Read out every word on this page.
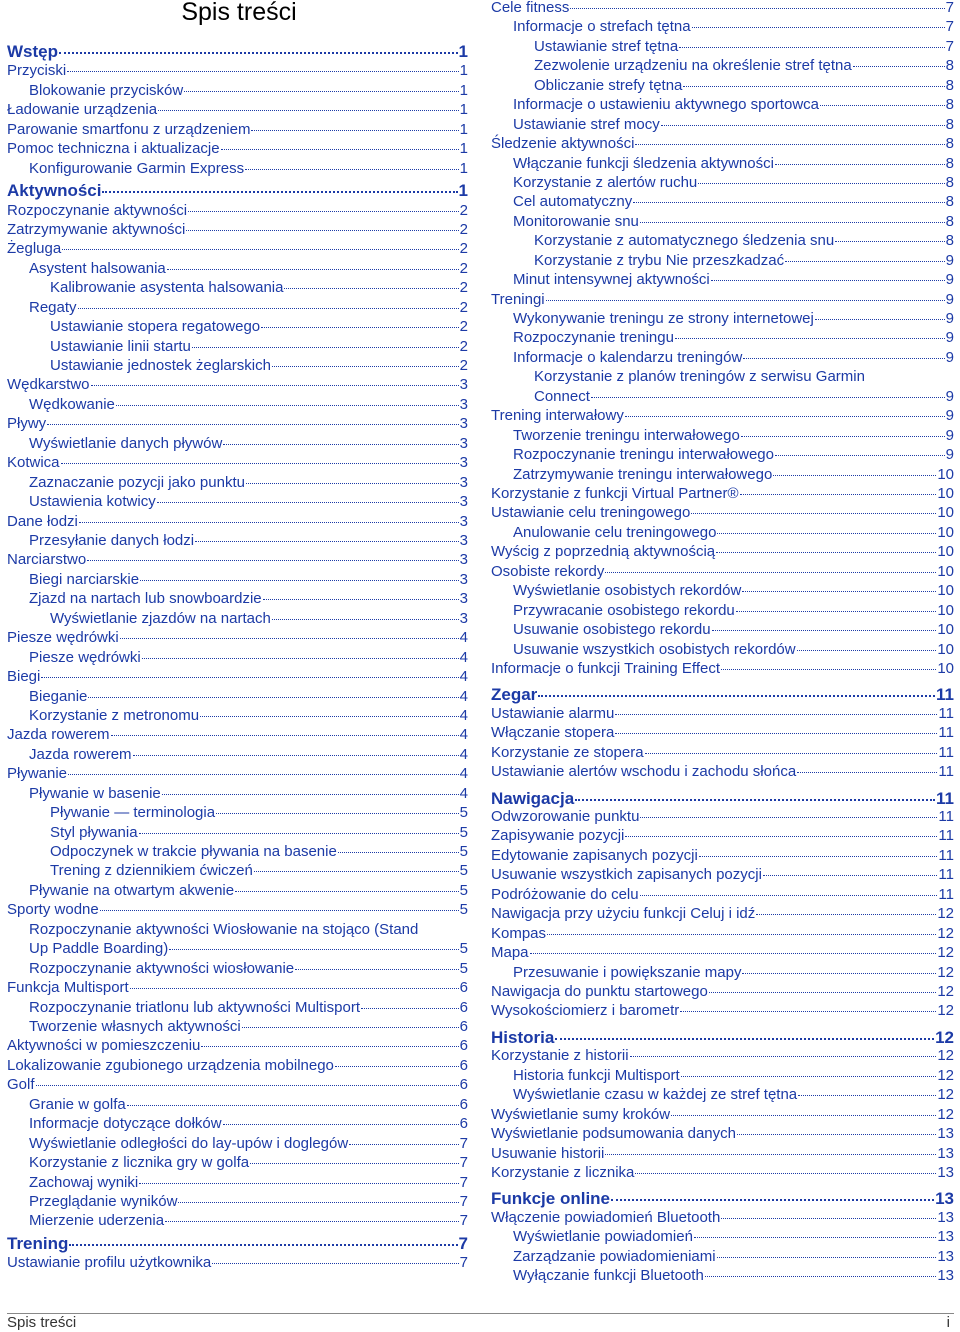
Spis treści
Wstęp	1
Przyciski	1
Blokowanie przycisków	1
Ładowanie urządzenia	1
Parowanie smartfonu z urządzeniem	1
Pomoc techniczna i aktualizacje	1
Konfigurowanie Garmin Express	1
Aktywności	1
Rozpoczynanie aktywności	2
Zatrzymywanie aktywności	2
Żegluga	2
Asystent halsowania	2
Kalibrowanie asystenta halsowania	2
Regaty	2
Ustawianie stopera regatowego	2
Ustawianie linii startu	2
Ustawianie jednostek żeglarskich	2
Wędkarstwo	3
Wędkowanie	3
Pływy	3
Wyświetlanie danych pływów	3
Kotwica	3
Zaznaczanie pozycji jako punktu	3
Ustawienia kotwicy	3
Dane łodzi	3
Przesyłanie danych łodzi	3
Narciarstwo	3
Biegi narciarskie	3
Zjazd na nartach lub snowboardzie	3
Wyświetlanie zjazdów na nartach	3
Piesze wędrówki	4
Piesze wędrówki	4
Biegi	4
Bieganie	4
Korzystanie z metronomu	4
Jazda rowerem	4
Jazda rowerem	4
Pływanie	4
Pływanie w basenie	4
Pływanie — terminologia	5
Styl pływania	5
Odpoczynek w trakcie pływania na basenie	5
Trening z dziennikiem ćwiczeń	5
Pływanie na otwartym akwenie	5
Sporty wodne	5
Rozpoczynanie aktywności Wiosłowanie na stojąco (Stand
Up Paddle Boarding)	5
Rozpoczynanie aktywności wiosłowanie	5
Funkcja Multisport	6
Rozpoczynanie triatlonu lub aktywności Multisport	6
Tworzenie własnych aktywności	6
Aktywności w pomieszczeniu	6
Lokalizowanie zgubionego urządzenia mobilnego	6
Golf	6
Granie w golfa	6
Informacje dotyczące dołków	6
Wyświetlanie odległości do lay-upów i doglegów	7
Korzystanie z licznika gry w golfa	7
Zachowaj wyniki	7
Przeglądanie wyników	7
Mierzenie uderzenia	7
Trening	7
Ustawianie profilu użytkownika	7
Cele fitness	7
Informacje o strefach tętna	7
Ustawianie stref tętna	7
Zezwolenie urządzeniu na określenie stref tętna	8
Obliczanie strefy tętna	8
Informacje o ustawieniu aktywnego sportowca	8
Ustawianie stref mocy	8
Śledzenie aktywności	8
Włączanie funkcji śledzenia aktywności	8
Korzystanie z alertów ruchu	8
Cel automatyczny	8
Monitorowanie snu	8
Korzystanie z automatycznego śledzenia snu	8
Korzystanie z trybu Nie przeszkadzać	9
Minut intensywnej aktywności	9
Treningi	9
Wykonywanie treningu ze strony internetowej	9
Rozpoczynanie treningu	9
Informacje o kalendarzu treningów	9
Korzystanie z planów treningów z serwisu Garmin
Connect	9
Trening interwałowy	9
Tworzenie treningu interwałowego	9
Rozpoczynanie treningu interwałowego	9
Zatrzymywanie treningu interwałowego	10
Korzystanie z funkcji Virtual Partner®	10
Ustawianie celu treningowego	10
Anulowanie celu treningowego	10
Wyścig z poprzednią aktywnością	10
Osobiste rekordy	10
Wyświetlanie osobistych rekordów	10
Przywracanie osobistego rekordu	10
Usuwanie osobistego rekordu	10
Usuwanie wszystkich osobistych rekordów	10
Informacje o funkcji Training Effect	10
Zegar	11
Ustawianie alarmu	11
Włączanie stopera	11
Korzystanie ze stopera	11
Ustawianie alertów wschodu i zachodu słońca	11
Nawigacja	11
Odwzorowanie punktu	11
Zapisywanie pozycji	11
Edytowanie zapisanych pozycji	11
Usuwanie wszystkich zapisanych pozycji	11
Podróżowanie do celu	11
Nawigacja przy użyciu funkcji Celuj i idź	12
Kompas	12
Mapa	12
Przesuwanie i powiększanie mapy	12
Nawigacja do punktu startowego	12
Wysokościomierz i barometr	12
Historia	12
Korzystanie z historii	12
Historia funkcji Multisport	12
Wyświetlanie czasu w każdej ze stref tętna	12
Wyświetlanie sumy kroków	12
Wyświetlanie podsumowania danych	13
Usuwanie historii	13
Korzystanie z licznika	13
Funkcje online	13
Włączenie powiadomień Bluetooth	13
Wyświetlanie powiadomień	13
Zarządzanie powiadomieniami	13
Wyłączanie funkcji Bluetooth	13
Spis treści	i
